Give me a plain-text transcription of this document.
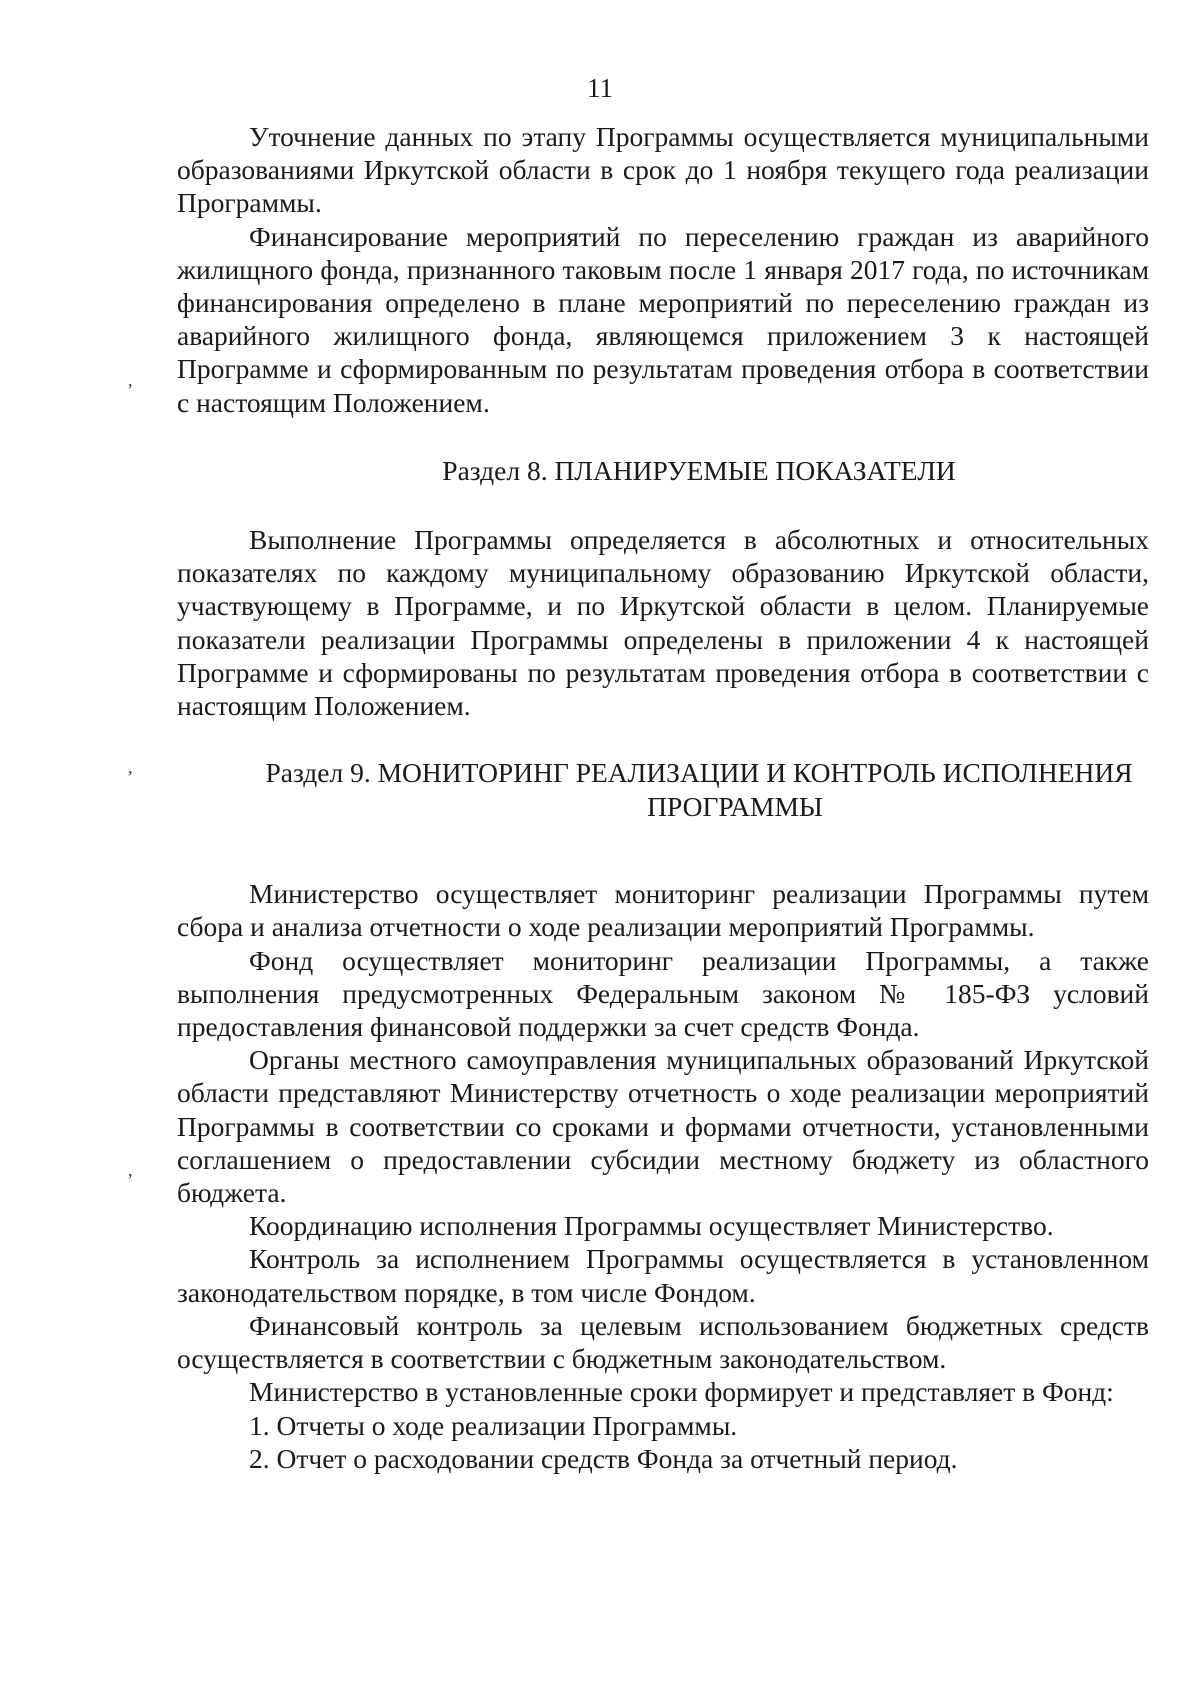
11
,
,
,

Уточнение данных по этапу Программы осуществляется муниципальными образованиями Иркутской области в срок до 1 ноября текущего года реализации Программы.

Финансирование мероприятий по переселению граждан из аварийного жилищного фонда, признанного таковым после 1 января 2017 года, по источникам финансирования определено в плане мероприятий по переселению граждан из аварийного жилищного фонда, являющемся приложением 3 к настоящей Программе и сформированным по результатам проведения отбора в соответствии с настоящим Положением.

Раздел 8. ПЛАНИРУЕМЫЕ ПОКАЗАТЕЛИ

Выполнение Программы определяется в абсолютных и относительных показателях по каждому муниципальному образованию Иркутской области, участвующему в Программе, и по Иркутской области в целом. Планируемые показатели реализации Программы определены в приложении 4 к настоящей Программе и сформированы по результатам проведения отбора в соответствии с настоящим Положением.

Раздел 9. МОНИТОРИНГ РЕАЛИЗАЦИИ И КОНТРОЛЬ ИСПОЛНЕНИЯ
ПРОГРАММЫ

Министерство осуществляет мониторинг реализации Программы путем сбора и анализа отчетности о ходе реализации мероприятий Программы.

Фонд осуществляет мониторинг реализации Программы, а также выполнения предусмотренных Федеральным законом № 185-ФЗ условий предоставления финансовой поддержки за счет средств Фонда.

Органы местного самоуправления муниципальных образований Иркутской области представляют Министерству отчетность о ходе реализации мероприятий Программы в соответствии со сроками и формами отчетности, установленными соглашением о предоставлении субсидии местному бюджету из областного бюджета.

Координацию исполнения Программы осуществляет Министерство.

Контроль за исполнением Программы осуществляется в установленном законодательством порядке, в том числе Фондом.

Финансовый контроль за целевым использованием бюджетных средств осуществляется в соответствии с бюджетным законодательством.

Министерство в установленные сроки формирует и представляет в Фонд:

1. Отчеты о ходе реализации Программы.

2. Отчет о расходовании средств Фонда за отчетный период.
